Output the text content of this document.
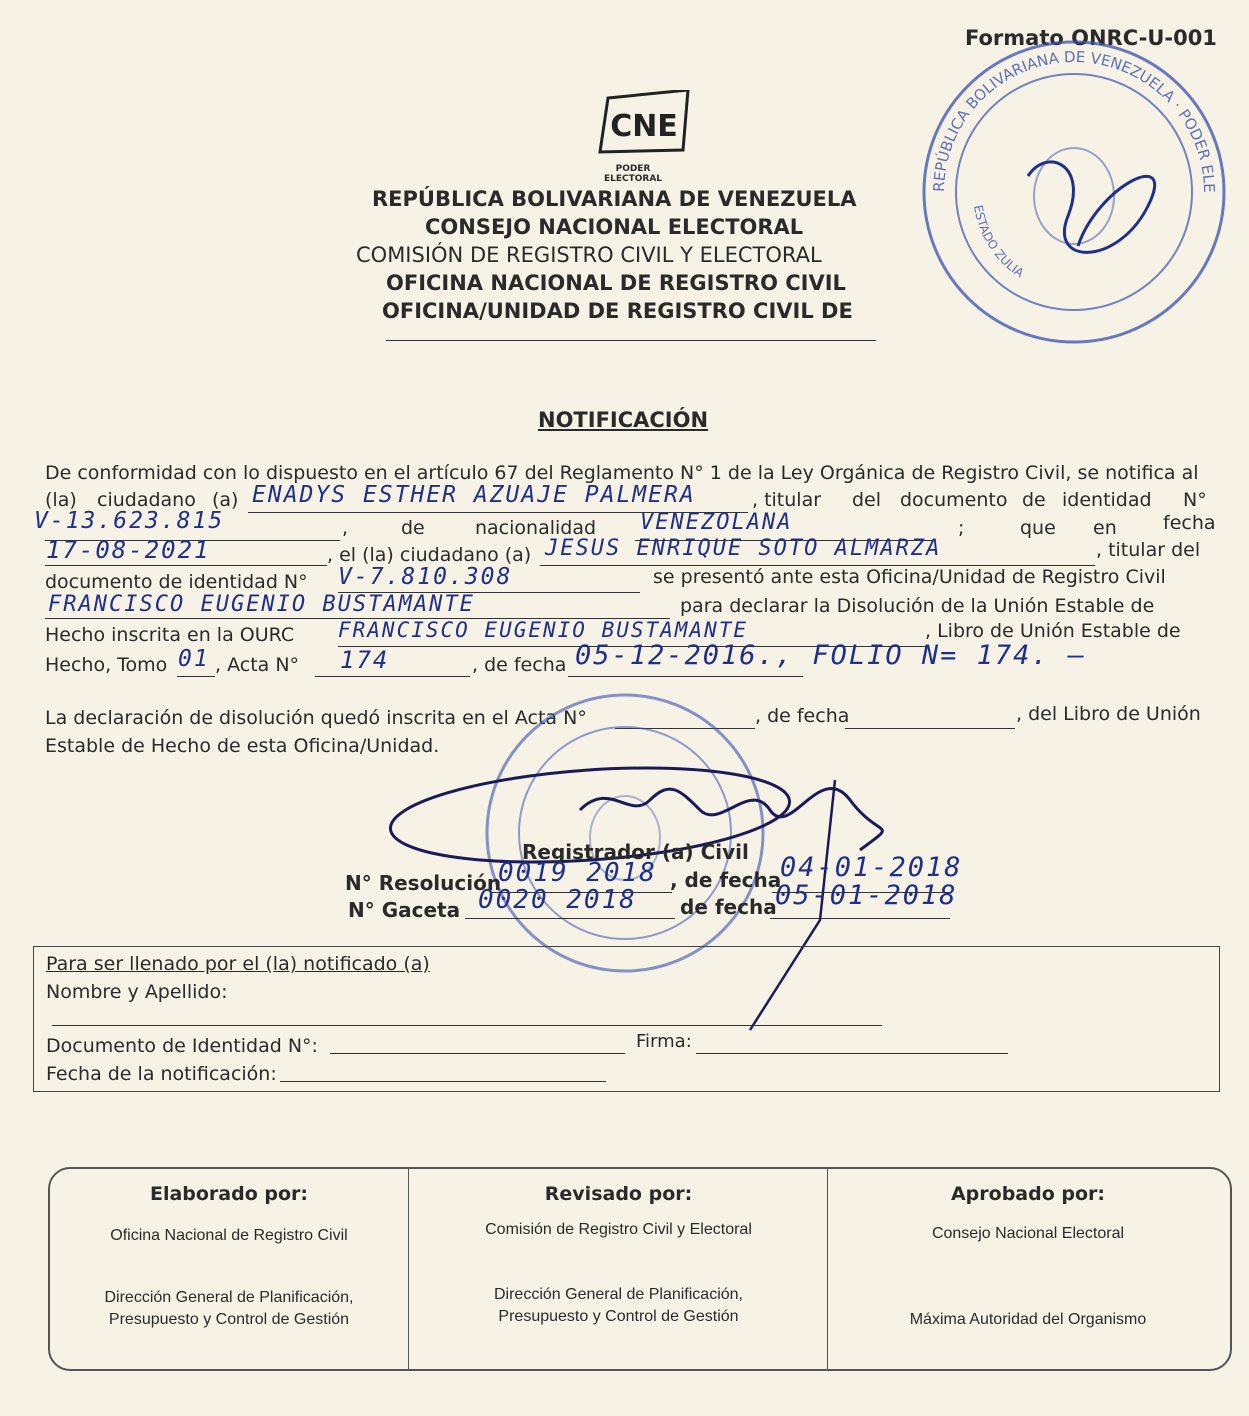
Formato ONRC-U-001
CNE
PODER ELECTORAL
REPÚBLICA BOLIVARIANA DE VENEZUELA
CONSEJO NACIONAL ELECTORAL
COMISIÓN DE REGISTRO CIVIL Y ELECTORAL
OFICINA NACIONAL DE REGISTRO CIVIL
OFICINA/UNIDAD DE REGISTRO CIVIL DE
REPÚBLICA BOLIVARIANA DE VENEZUELA · PODER ELE
ESTADO ZULIA
NOTIFICACIÓN
De conformidad con lo dispuesto en el artículo 67 del Reglamento N° 1 de la Ley Orgánica de Registro Civil, se notifica al
(la) ciudadano (a) ENADYS ESTHER AZUAJE PALMERA	, titular del documento de identidad N°
V-13.623.815	,	de	nacionalidad VENEZOLANA	;	que en fecha
17-08-2021	, el (la) ciudadano (a) JESUS ENRIQUE SOTO ALMARZA	, titular del
documento de identidad N° V-7.810.308	se presentó ante esta Oficina/Unidad de Registro Civil
FRANCISCO EUGENIO BUSTAMANTE	para declarar la Disolución de la Unión Estable de
Hecho inscrita en la OURC FRANCISCO EUGENIO BUSTAMANTE	, Libro de Unión Estable de
Hecho, Tomo 01 , Acta N° 174	, de fecha 05-12-2016., FOLIO N= 174. —
La declaración de disolución quedó inscrita en el Acta N°	, de fecha	, del Libro de Unión
Estable de Hecho de esta Oficina/Unidad.
Registrador (a) Civil
N° Resolución
0019 2018 , de fecha
04-01-2018
N° Gaceta 0020 2018 de fecha
05-01-2018
Para ser llenado por el (la) notificado (a)
Nombre y Apellido:
Documento de Identidad N°:	Firma:
Fecha de la notificación:
Elaborado por:
Oficina Nacional de Registro Civil
Dirección General de Planificación,
Presupuesto y Control de Gestión
Revisado por:
Comisión de Registro Civil y Electoral
Dirección General de Planificación,
Presupuesto y Control de Gestión
Aprobado por:
Consejo Nacional Electoral
Máxima Autoridad del Organismo
